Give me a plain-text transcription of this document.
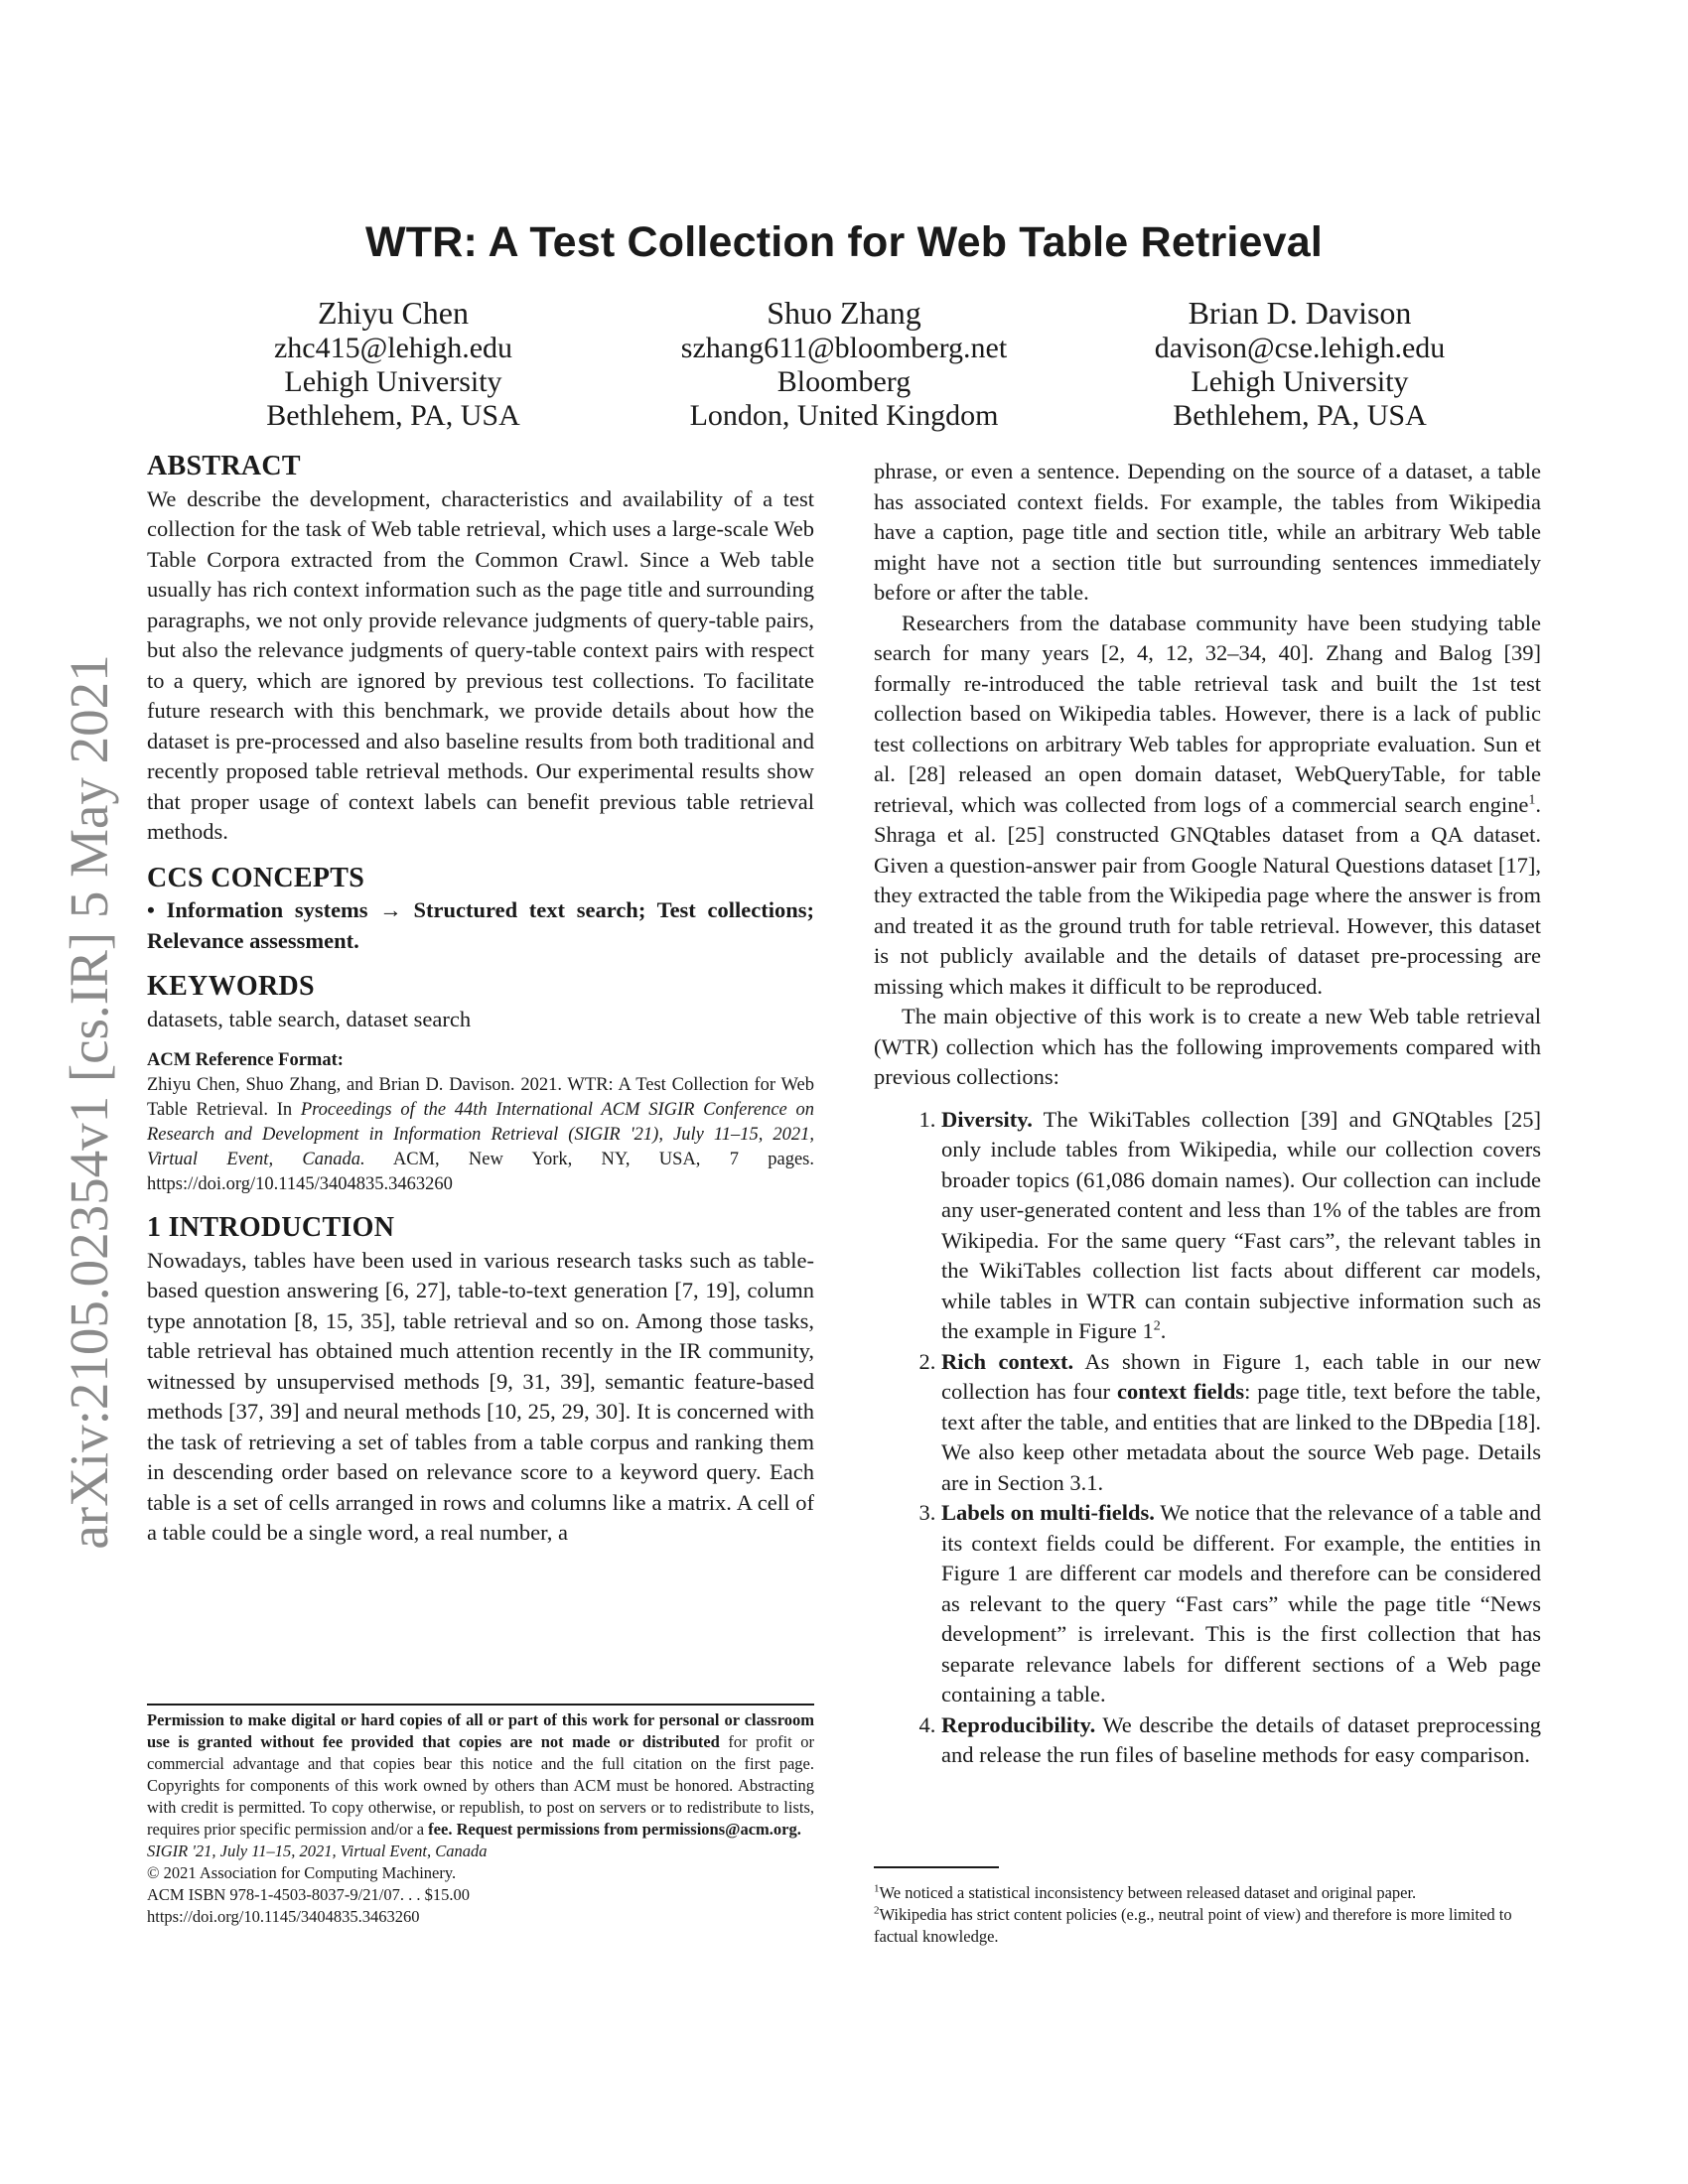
arXiv:2105.02354v1 [cs.IR] 5 May 2021
WTR: A Test Collection for Web Table Retrieval
Zhiyu Chen
zhc415@lehigh.edu
Lehigh University
Bethlehem, PA, USA
Shuo Zhang
szhang611@bloomberg.net
Bloomberg
London, United Kingdom
Brian D. Davison
davison@cse.lehigh.edu
Lehigh University
Bethlehem, PA, USA
ABSTRACT

We describe the development, characteristics and availability of a test collection for the task of Web table retrieval, which uses a large-scale Web Table Corpora extracted from the Common Crawl. Since a Web table usually has rich context information such as the page title and surrounding paragraphs, we not only provide relevance judgments of query-table pairs, but also the relevance judgments of query-table context pairs with respect to a query, which are ignored by previous test collections. To facilitate future research with this benchmark, we provide details about how the dataset is pre-processed and also baseline results from both traditional and recently proposed table retrieval methods. Our experimental results show that proper usage of context labels can benefit previous table retrieval methods.

CCS CONCEPTS

• Information systems → Structured text search; Test collections; Relevance assessment.

KEYWORDS

datasets, table search, dataset search

ACM Reference Format:

Zhiyu Chen, Shuo Zhang, and Brian D. Davison. 2021. WTR: A Test Collection for Web Table Retrieval. In Proceedings of the 44th International ACM SIGIR Conference on Research and Development in Information Retrieval (SIGIR '21), July 11–15, 2021, Virtual Event, Canada. ACM, New York, NY, USA, 7 pages. https://doi.org/10.1145/3404835.3463260

1 INTRODUCTION

Nowadays, tables have been used in various research tasks such as table-based question answering [6, 27], table-to-text generation [7, 19], column type annotation [8, 15, 35], table retrieval and so on. Among those tasks, table retrieval has obtained much attention recently in the IR community, witnessed by unsupervised methods [9, 31, 39], semantic feature-based methods [37, 39] and neural methods [10, 25, 29, 30]. It is concerned with the task of retrieving a set of tables from a table corpus and ranking them in descending order based on relevance score to a keyword query. Each table is a set of cells arranged in rows and columns like a matrix. A cell of a table could be a single word, a real number, a

Permission to make digital or hard copies of all or part of this work for personal or classroom use is granted without fee provided that copies are not made or distributed for profit or commercial advantage and that copies bear this notice and the full citation on the first page. Copyrights for components of this work owned by others than ACM must be honored. Abstracting with credit is permitted. To copy otherwise, or republish, to post on servers or to redistribute to lists, requires prior specific permission and/or a fee. Request permissions from permissions@acm.org.

SIGIR '21, July 11–15, 2021, Virtual Event, Canada

© 2021 Association for Computing Machinery.

ACM ISBN 978-1-4503-8037-9/21/07. . . $15.00

https://doi.org/10.1145/3404835.3463260

phrase, or even a sentence. Depending on the source of a dataset, a table has associated context fields. For example, the tables from Wikipedia have a caption, page title and section title, while an arbitrary Web table might have not a section title but surrounding sentences immediately before or after the table.

Researchers from the database community have been studying table search for many years [2, 4, 12, 32–34, 40]. Zhang and Balog [39] formally re-introduced the table retrieval task and built the 1st test collection based on Wikipedia tables. However, there is a lack of public test collections on arbitrary Web tables for appropriate evaluation. Sun et al. [28] released an open domain dataset, WebQueryTable, for table retrieval, which was collected from logs of a commercial search engine$^1$. Shraga et al. [25] constructed GNQtables dataset from a QA dataset. Given a question-answer pair from Google Natural Questions dataset [17], they extracted the table from the Wikipedia page where the answer is from and treated it as the ground truth for table retrieval. However, this dataset is not publicly available and the details of dataset pre-processing are missing which makes it difficult to be reproduced.

The main objective of this work is to create a new Web table retrieval (WTR) collection which has the following improvements compared with previous collections:

1. Diversity. The WikiTables collection [39] and GNQtables [25] only include tables from Wikipedia, while our collection covers broader topics (61,086 domain names). Our collection can include any user-generated content and less than 1% of the tables are from Wikipedia. For the same query “Fast cars”, the relevant tables in the WikiTables collection list facts about different car models, while tables in WTR can contain subjective information such as the example in Figure $1^2$.
2. Rich context. As shown in Figure 1, each table in our new collection has four context fields: page title, text before the table, text after the table, and entities that are linked to the DBpedia [18]. We also keep other metadata about the source Web page. Details are in Section 3.1.
3. Labels on multi-fields. We notice that the relevance of a table and its context fields could be different. For example, the entities in Figure 1 are different car models and therefore can be considered as relevant to the query “Fast cars” while the page title “News development” is irrelevant. This is the first collection that has separate relevance labels for different sections of a Web page containing a table.
4. Reproducibility. We describe the details of dataset preprocessing and release the run files of baseline methods for easy comparison.

$^1$We noticed a statistical inconsistency between released dataset and original paper.

$^2$Wikipedia has strict content policies (e.g., neutral point of view) and therefore is more limited to factual knowledge.
